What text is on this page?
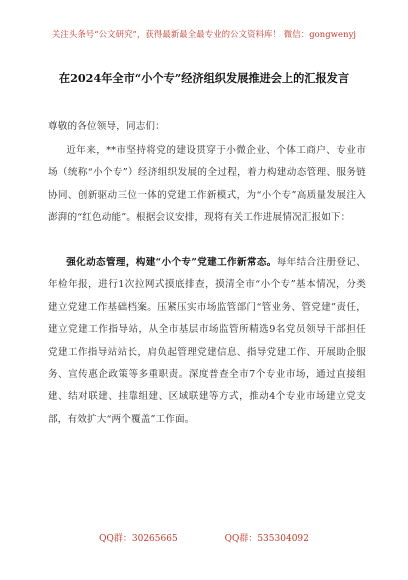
关注头条号“公文研究”，获得最新最全最专业的公文资料库！ 微信：gongwenyj
在2024年全市“小个专”经济组织发展推进会上的汇报发言
尊敬的各位领导，同志们：
近年来，**市坚持将党的建设贯穿于小微企业、个体工商户、专业市场（统称“小个专”）经济组织发展的全过程，着力构建动态管理、服务链协同、创新驱动三位一体的党建工作新模式，为“小个专”高质量发展注入澎湃的“红色动能”。根据会议安排，现将有关工作进展情况汇报如下：
强化动态管理，构建“小个专”党建工作新常态。每年结合注册登记、年检年报，进行1次拉网式摸底排查，摸清全市“小个专”基本情况，分类建立党建工作基础档案。压紧压实市场监管部门“管业务、管党建”责任，建立党建工作指导站，从全市基层市场监管所精选9名党员领导干部担任党建工作指导站站长，肩负起管理党建信息、指导党建工作、开展助企服务、宣传惠企政策等多重职责。深度普查全市7个专业市场，通过直接组建、结对联建、挂靠组建、区域联建等方式，推动4个专业市场建立党支部，有效扩大“两个覆盖”工作面。
QQ群：30265665	QQ群：535304092
